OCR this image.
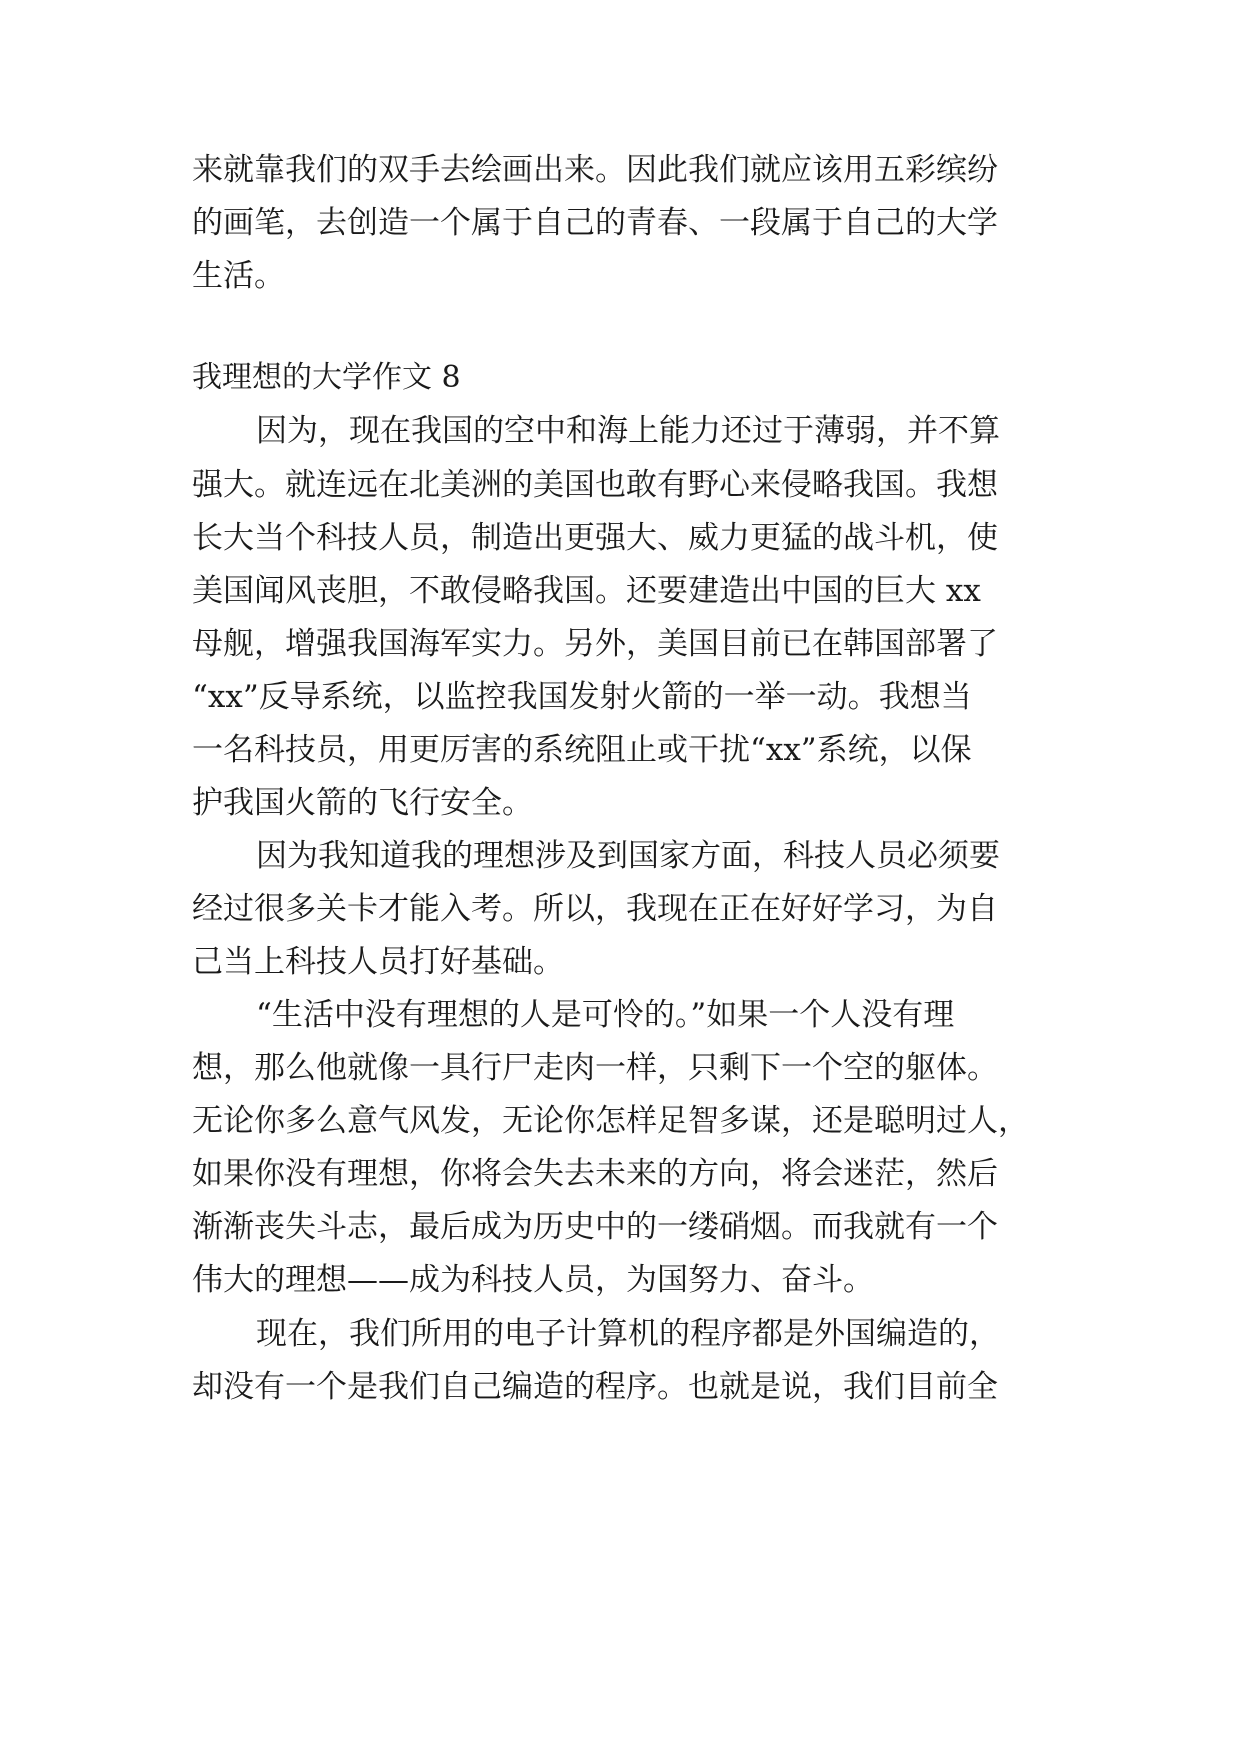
来就靠我们的双手去绘画出来。因此我们就应该用五彩缤纷
的画笔，去创造一个属于自己的青春、一段属于自己的大学
生活。
我理想的大学作文 8
因为，现在我国的空中和海上能力还过于薄弱，并不算
强大。就连远在北美洲的美国也敢有野心来侵略我国。我想
长大当个科技人员，制造出更强大、威力更猛的战斗机，使
美国闻风丧胆，不敢侵略我国。还要建造出中国的巨大 xx
母舰，增强我国海军实力。另外，美国目前已在韩国部署了
“xx”反导系统，以监控我国发射火箭的一举一动。我想当
一名科技员，用更厉害的系统阻止或干扰“xx”系统，以保
护我国火箭的飞行安全。
因为我知道我的理想涉及到国家方面，科技人员必须要
经过很多关卡才能入考。所以，我现在正在好好学习，为自
己当上科技人员打好基础。
“生活中没有理想的人是可怜的。”如果一个人没有理
想，那么他就像一具行尸走肉一样，只剩下一个空的躯体。
无论你多么意气风发，无论你怎样足智多谋，还是聪明过人，
如果你没有理想，你将会失去未来的方向，将会迷茫，然后
渐渐丧失斗志，最后成为历史中的一缕硝烟。而我就有一个
伟大的理想——成为科技人员，为国努力、奋斗。
现在，我们所用的电子计算机的程序都是外国编造的，
却没有一个是我们自己编造的程序。也就是说，我们目前全
